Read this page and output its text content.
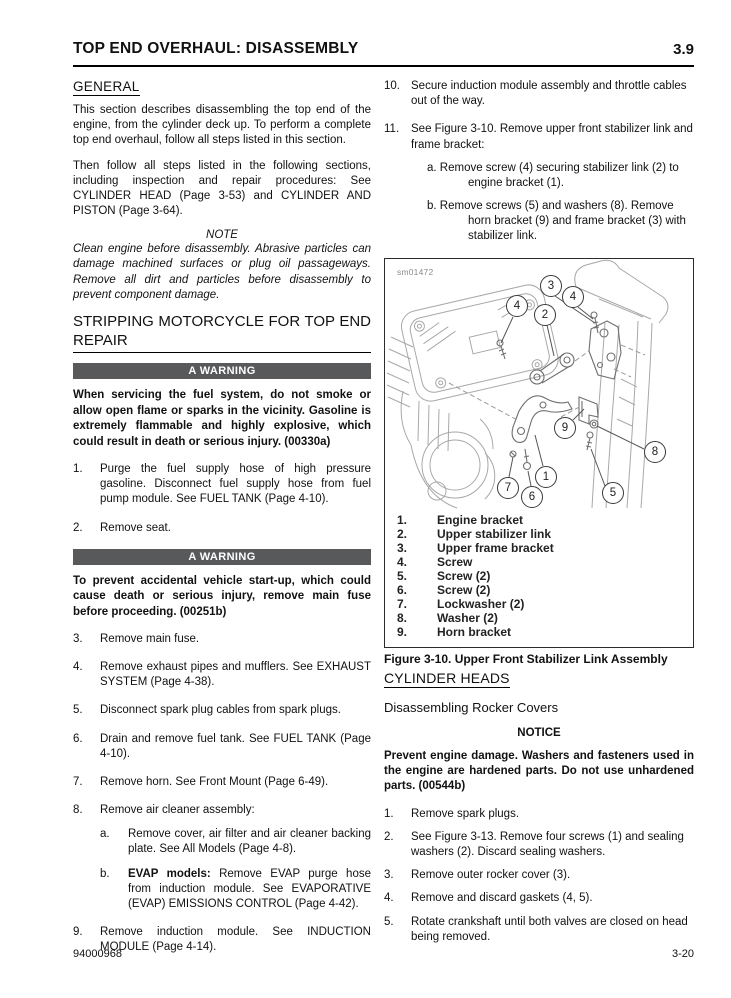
TOP END OVERHAUL: DISASSEMBLY	3.9
GENERAL

This section describes disassembling the top end of the engine, from the cylinder deck up. To perform a complete top end overhaul, follow all steps listed in this section.

Then follow all steps listed in the following sections, including inspection and repair procedures: See CYLINDER HEAD (Page 3-53) and CYLINDER AND PISTON (Page 3-64).

NOTE
Clean engine before disassembly. Abrasive particles can damage machined surfaces or plug oil passageways. Remove all dirt and particles before disassembly to prevent component damage.
STRIPPING MOTORCYCLE FOR TOP END
REPAIR
A WARNING

When servicing the fuel system, do not smoke or allow open flame or sparks in the vicinity. Gasoline is extremely flammable and highly explosive, which could result in death or serious injury. (00330a)

1.	Purge the fuel supply hose of high pressure gasoline. Disconnect fuel supply hose from fuel pump module. See FUEL TANK (Page 4-10).
2.	Remove seat.
A WARNING

To prevent accidental vehicle start-up, which could cause death or serious injury, remove main fuse before proceeding. (00251b)

3.	Remove main fuse.
4.	Remove exhaust pipes and mufflers. See EXHAUST SYSTEM (Page 4-38).
5.	Disconnect spark plug cables from spark plugs.
6.	Drain and remove fuel tank. See FUEL TANK (Page 4-10).
7.	Remove horn. See Front Mount (Page 6-49).
8.	Remove air cleaner assembly:
a.	Remove cover, air filter and air cleaner backing plate. See All Models (Page 4-8).
b.	EVAP models: Remove EVAP purge hose from induction module. See EVAPORATIVE (EVAP) EMISSIONS CONTROL (Page 4-42).
9.	Remove induction module. See INDUCTION MODULE (Page 4-14).
10. Secure induction module assembly and throttle cables out of the way.
11.	See Figure 3-10. Remove upper front stabilizer link and frame bracket:
a. Remove screw (4) securing stabilizer link (2) to engine bracket (1).
b. Remove screws (5) and washers (8). Remove horn bracket (9) and frame bracket (3) with stabilizer link.
sm01472
3
4
2
4
9
8
1
7
6	5
1.	Engine bracket
2.	Upper stabilizer link
3.	Upper frame bracket
4.	Screw
5.	Screw (2)
6.	Screw (2)
7.	Lockwasher (2)
8.	Washer (2)
9.	Horn bracket
Figure 3-10. Upper Front Stabilizer Link Assembly
CYLINDER HEADS
Disassembling Rocker Covers
NOTICE

Prevent engine damage. Washers and fasteners used in the engine are hardened parts. Do not use unhardened parts. (00544b)

1.	Remove spark plugs.
2.	See Figure 3-13. Remove four screws (1) and sealing washers (2). Discard sealing washers.
3.	Remove outer rocker cover (3).
4.	Remove and discard gaskets (4, 5).
5.	Rotate crankshaft until both valves are closed on head being removed.
94000968	3-20
